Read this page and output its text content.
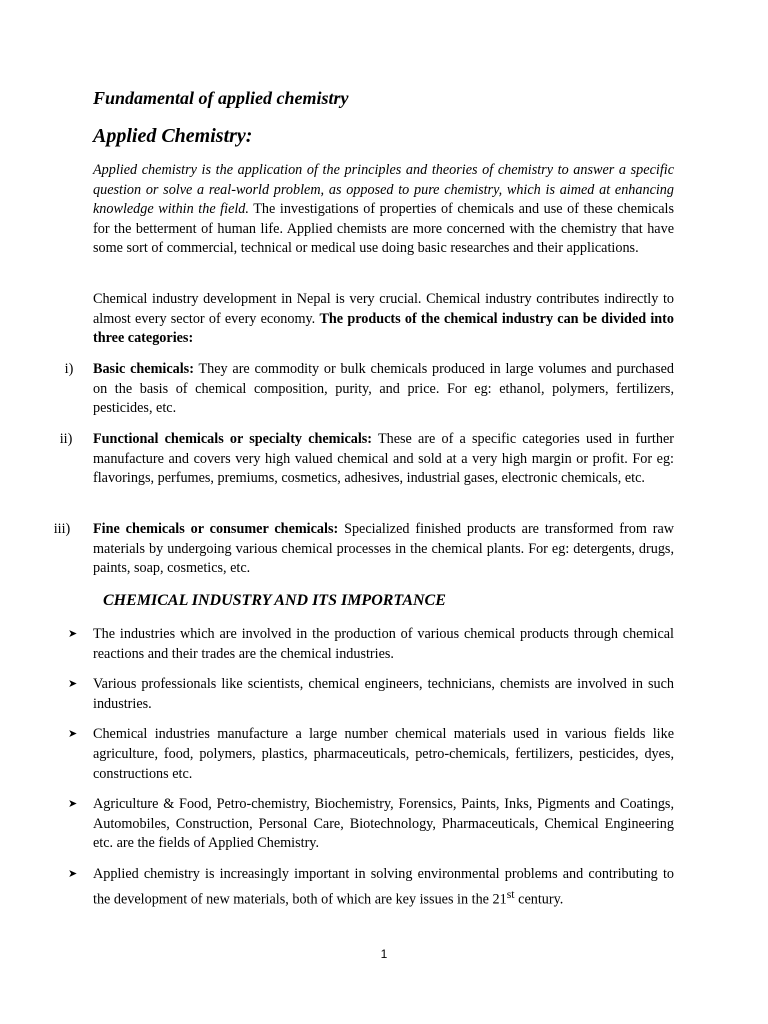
Fundamental of applied chemistry
Applied Chemistry:

Applied chemistry is the application of the principles and theories of chemistry to answer a specific question or solve a real-world problem, as opposed to pure chemistry, which is aimed at enhancing knowledge within the field. The investigations of properties of chemicals and use of these chemicals for the betterment of human life. Applied chemists are more concerned with the chemistry that have some sort of commercial, technical or medical use doing basic researches and their applications.

Chemical industry development in Nepal is very crucial. Chemical industry contributes indirectly to almost every sector of every economy. The products of the chemical industry can be divided into three categories:

i)	Basic chemicals: They are commodity or bulk chemicals produced in large volumes and purchased on the basis of chemical composition, purity, and price. For eg: ethanol, polymers, fertilizers, pesticides, etc.

ii)	Functional chemicals or specialty chemicals: These are of a specific categories used in further manufacture and covers very high valued chemical and sold at a very high margin or profit. For eg: flavorings, perfumes, premiums, cosmetics, adhesives, industrial gases, electronic chemicals, etc.

iii)	Fine chemicals or consumer chemicals: Specialized finished products are transformed from raw materials by undergoing various chemical processes in the chemical plants. For eg: detergents, drugs, paints, soap, cosmetics, etc.

CHEMICAL INDUSTRY AND ITS IMPORTANCE
➤	The industries which are involved in the production of various chemical products through chemical reactions and their trades are the chemical industries.
➤	Various professionals like scientists, chemical engineers, technicians, chemists are involved in such industries.
➤	Chemical industries manufacture a large number chemical materials used in various fields like agriculture, food, polymers, plastics, pharmaceuticals, petro-chemicals, fertilizers, pesticides, dyes, constructions etc.
➤	Agriculture & Food, Petro-chemistry, Biochemistry, Forensics, Paints, Inks, Pigments and Coatings, Automobiles, Construction, Personal Care, Biotechnology, Pharmaceuticals, Chemical Engineering etc. are the fields of Applied Chemistry.
➤	Applied chemistry is increasingly important in solving environmental problems and contributing to the development of new materials, both of which are key issues in the 21st century.
1
